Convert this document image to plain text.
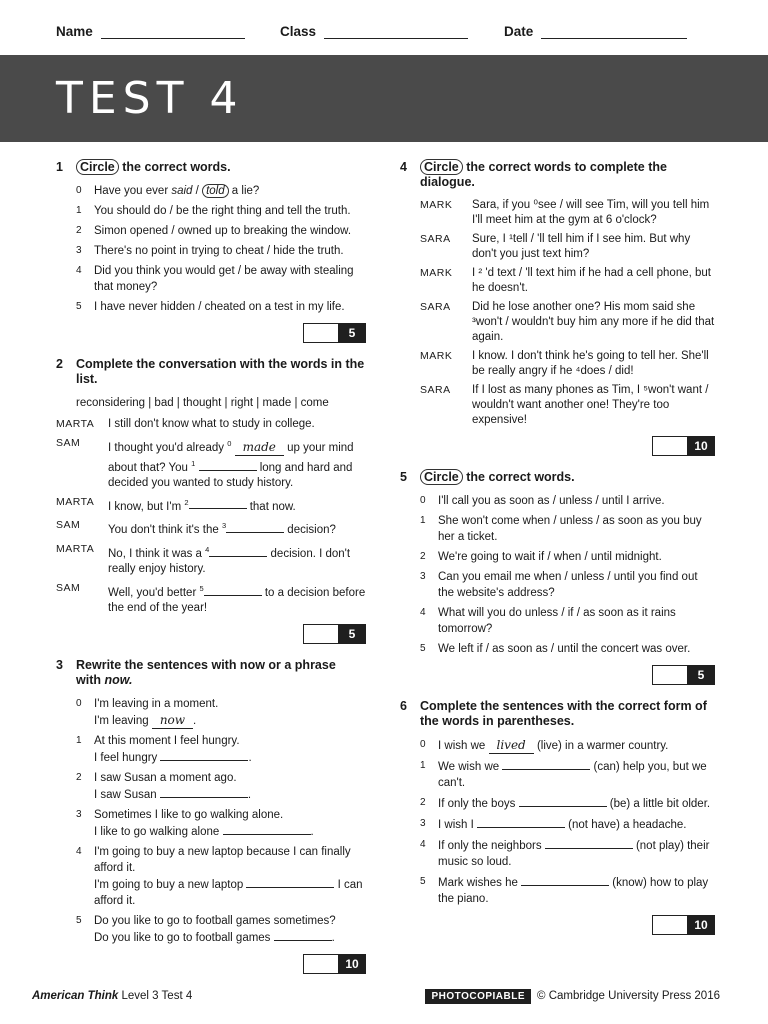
Name	Class	Date
TEST 4
1	Circle the correct words.
0	Have you ever said / told a lie?
1	You should do / be the right thing and tell the truth.
2	Simon opened / owned up to breaking the window.
3	There's no point in trying to cheat / hide the truth.
4	Did you think you would get / be away with stealing that money?
5	I have never hidden / cheated on a test in my life.
5
2	Complete the conversation with the words in the list.
reconsidering | bad | thought | right | made | come
MARTA	I still don't know what to study in college.
SAM	I thought you'd already $^0$ made up your mind about that? You $^1$	long and hard and decided you wanted to study history.
MARTA	I know, but I'm $^2$	that now.
SAM	You don't think it's the $^3$	decision?
MARTA	No, I think it was a $^4$	decision. I don't really enjoy history.
SAM	Well, you'd better $^5$	to a decision before the end of the year!
5
3	Rewrite the sentences with now or a phrase
with now.
0	I'm leaving in a moment.
I'm leaving now .
1	At this moment I feel hungry.
I feel hungry	.
2	I saw Susan a moment ago.
I saw Susan	.
3	Sometimes I like to go walking alone.
I like to go walking alone	.
4	I'm going to buy a new laptop because I can finally afford it.
I'm going to buy a new laptop	I can afford it.
5	Do you like to go to football games sometimes?
Do you like to go to football games	.
10
4	Circle the correct words to complete the dialogue.
MARK	Sara, if you ⁰see / will see Tim, will you tell him I'll meet him at the gym at 6 o'clock?
SARA	Sure, I ¹tell / 'll tell him if I see him. But why don't you just text him?
MARK	I ² 'd text / 'll text him if he had a cell phone, but he doesn't.
SARA	Did he lose another one? His mom said she ³won't / wouldn't buy him any more if he did that again.
MARK	I know. I don't think he's going to tell her. She'll be really angry if he ⁴does / did!
SARA	If I lost as many phones as Tim, I ⁵won't want / wouldn't want another one! They're too expensive!
10
5	Circle the correct words.
0	I'll call you as soon as / unless / until I arrive.
1	She won't come when / unless / as soon as you buy her a ticket.
2	We're going to wait if / when / until midnight.
3	Can you email me when / unless / until you find out the website's address?
4	What will you do unless / if / as soon as it rains tomorrow?
5	We left if / as soon as / until the concert was over.
5
6	Complete the sentences with the correct form of the words in parentheses.
0	I wish we lived (live) in a warmer country.
1	We wish we	(can) help you, but we can't.
2	If only the boys	(be) a little bit older.
3	I wish I	(not have) a headache.
4	If only the neighbors	(not play) their music so loud.
5	Mark wishes he	(know) how to play the piano.
10
American Think Level 3 Test 4	PHOTOCOPIABLE © Cambridge University Press 2016
